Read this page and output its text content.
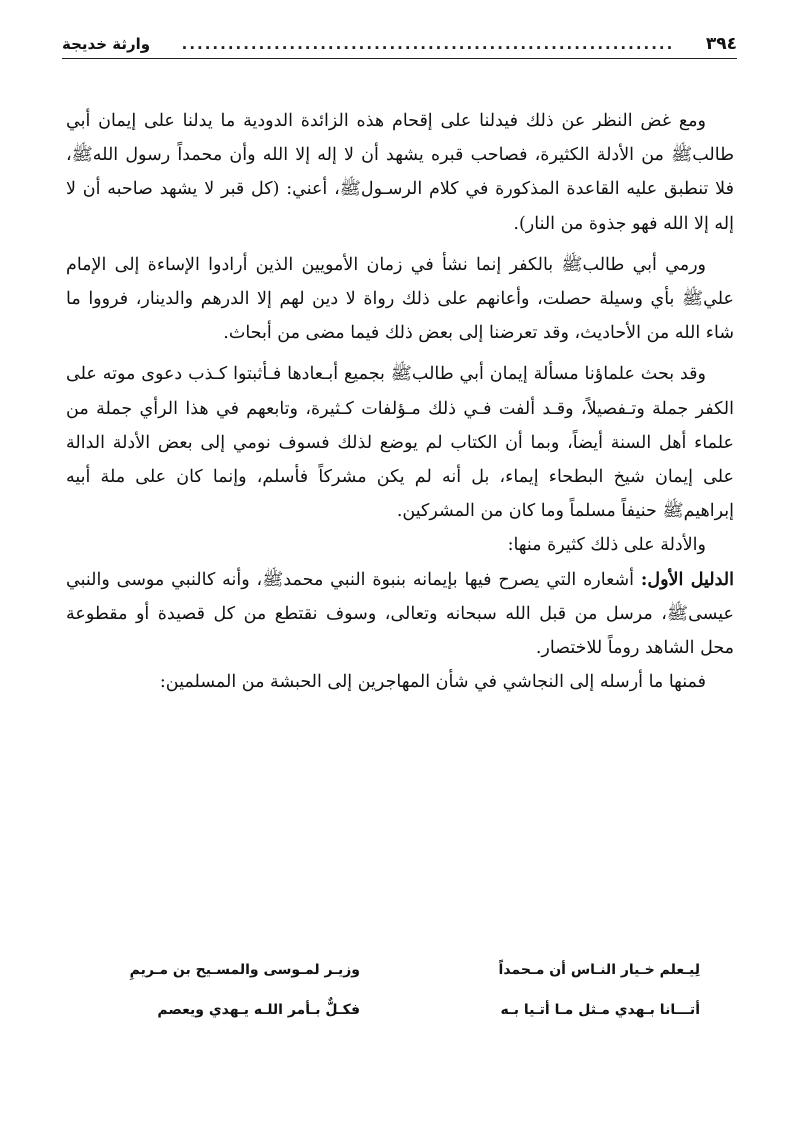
٣٩٤
................................................................
وارثة خديجة

ومع غض النظر عن ذلك فيدلنا على إقحام هذه الزائدة الدودية ما يدلنا على إيمان أبي طالبﷺ من الأدلة الكثيرة، فصاحب قبره يشهد أن لا إله إلا الله وأن محمداً رسول اللهﷺ، فلا تنطبق عليه القاعدة المذكورة في كلام الرسـولﷺ، أعني: (كل قبر لا يشهد صاحبه أن لا إله إلا الله فهو جذوة من النار).

ورمي أبي طالبﷺ بالكفر إنما نشأ في زمان الأمويين الذين أرادوا الإساءة إلى الإمام عليﷺ بأي وسيلة حصلت، وأعانهم على ذلك رواة لا دين لهم إلا الدرهم والدينار، فرووا ما شاء الله من الأحاديث، وقد تعرضنا إلى بعض ذلك فيما مضى من أبحاث.

وقد بحث علماؤنا مسألة إيمان أبي طالبﷺ بجميع أبـعادها فـأثبتوا كـذب دعوى موته على الكفر جملة وتـفصيلاً، وقـد ألفت فـي ذلك مـؤلفات كـثيرة، وتابعهم في هذا الرأي جملة من علماء أهل السنة أيضاً، وبما أن الكتاب لم يوضع لذلك فسوف نومي إلى بعض الأدلة الدالة على إيمان شيخ البطحاء إيماء، بل أنه لم يكن مشركاً فأسلم، وإنما كان على ملة أبيه إبراهيمﷺ حنيفاً مسلماً وما كان من المشركين.

والأدلة على ذلك كثيرة منها:

الدليل الأول: أشعاره التي يصرح فيها بإيمانه بنبوة النبي محمدﷺ، وأنه كالنبي موسى والنبي عيسىﷺ، مرسل من قبل الله سبحانه وتعالى، وسوف نقتطع من كل قصيدة أو مقطوعة محل الشاهد روماً للاختصار.

فمنها ما أرسله إلى النجاشي في شأن المهاجرين إلى الحبشة من المسلمين:

لِيـعلم خـيار النـاس أن مـحمداً
وزيـر لمـوسى والمسـيح بن مـريمِ
أتـــانا بـهدي مـثل مـا أتـيا بـه
فكـلٌّ بـأمر اللـه يـهدي ويعصم
